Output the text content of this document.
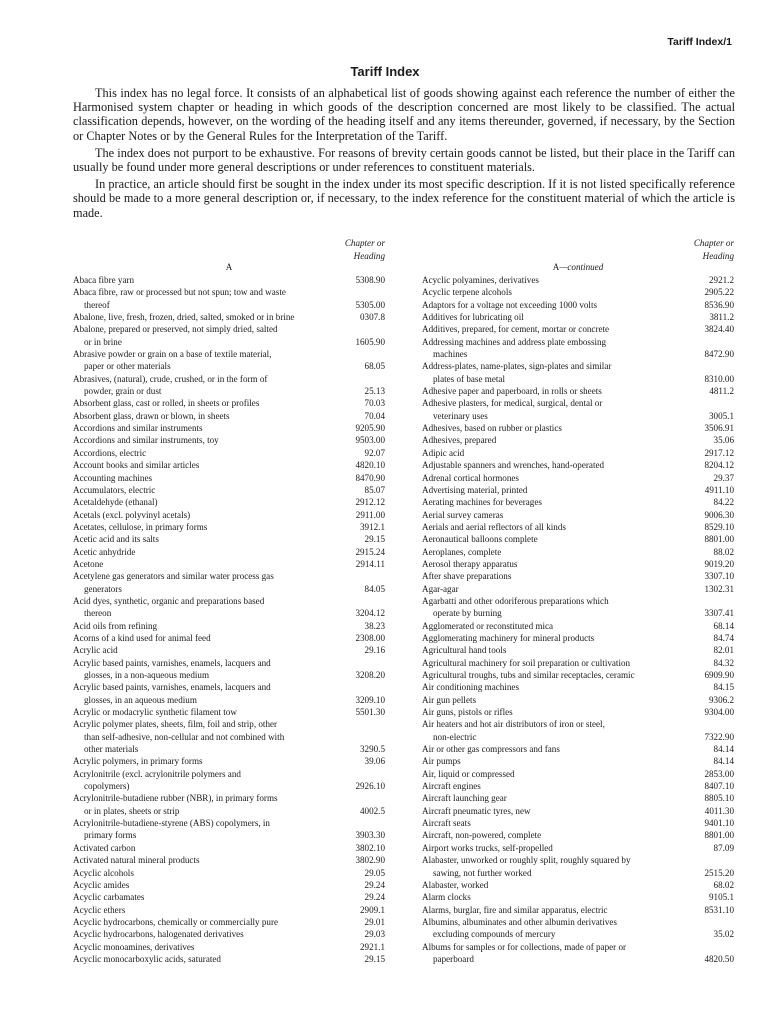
Tariff Index/1
Tariff Index

This index has no legal force. It consists of an alphabetical list of goods showing against each reference the number of either the Harmonised system chapter or heading in which goods of the description concerned are most likely to be classified. The actual classification depends, however, on the wording of the heading itself and any items thereunder, governed, if necessary, by the Section or Chapter Notes or by the General Rules for the Interpretation of the Tariff.

The index does not purport to be exhaustive. For reasons of brevity certain goods cannot be listed, but their place in the Tariff can usually be found under more general descriptions or under references to constituent materials.

In practice, an article should first be sought in the index under its most specific description. If it is not listed specifically reference should be made to a more general description or, if necessary, to the index reference for the constituent material of which the article is made.

Chapter or
Heading
A
Abaca fibre yarn	5308.90
Abaca fibre, raw or processed but not spun; tow and waste
thereof	5305.00
Abalone, live, fresh, frozen, dried, salted, smoked or in brine	0307.8
Abalone, prepared or preserved, not simply dried, salted
or in brine	1605.90
Abrasive powder or grain on a base of textile material,
paper or other materials	68.05
Abrasives, (natural), crude, crushed, or in the form of
powder, grain or dust	25.13
Absorbent glass, cast or rolled, in sheets or profiles	70.03
Absorbent glass, drawn or blown, in sheets	70.04
Accordions and similar instruments	9205.90
Accordions and similar instruments, toy	9503.00
Accordions, electric	92.07
Account books and similar articles	4820.10
Accounting machines	8470.90
Accumulators, electric	85.07
Acetaldehyde (ethanal)	2912.12
Acetals (excl. polyvinyl acetals)	2911.00
Acetates, cellulose, in primary forms	3912.1
Acetic acid and its salts	29.15
Acetic anhydride	2915.24
Acetone	2914.11
Acetylene gas generators and similar water process gas
generators	84.05
Acid dyes, synthetic, organic and preparations based
thereon	3204.12
Acid oils from refining	38.23
Acorns of a kind used for animal feed	2308.00
Acrylic acid	29.16
Acrylic based paints, varnishes, enamels, lacquers and
glosses, in a non-aqueous medium	3208.20
Acrylic based paints, varnishes, enamels, lacquers and
glosses, in an aqueous medium	3209.10
Acrylic or modacrylic synthetic filament tow	5501.30
Acrylic polymer plates, sheets, film, foil and strip, other
than self-adhesive, non-cellular and not combined with
other materials	3290.5
Acrylic polymers, in primary forms	39.06
Acrylonitrile (excl. acrylonitrile polymers and
copolymers)	2926.10
Acrylonitrile-butadiene rubber (NBR), in primary forms
or in plates, sheets or strip	4002.5
Acrylonitrile-butadiene-styrene (ABS) copolymers, in
primary forms	3903.30
Activated carbon	3802.10
Activated natural mineral products	3802.90
Acyclic alcohols	29.05
Acyclic amides	29.24
Acyclic carbamates	29.24
Acyclic ethers	2909.1
Acyclic hydrocarbons, chemically or commercially pure	29.01
Acyclic hydrocarbons, halogenated derivatives	29.03
Acyclic monoamines, derivatives	2921.1
Acyclic monocarboxylic acids, saturated	29.15
Chapter or
Heading
A—continued
Acyclic polyamines, derivatives	2921.2
Acyclic terpene alcohols	2905.22
Adaptors for a voltage not exceeding 1000 volts	8536.90
Additives for lubricating oil	3811.2
Additives, prepared, for cement, mortar or concrete	3824.40
Addressing machines and address plate embossing
machines	8472.90
Address-plates, name-plates, sign-plates and similar
plates of base metal	8310.00
Adhesive paper and paperboard, in rolls or sheets	4811.2
Adhesive plasters, for medical, surgical, dental or
veterinary uses	3005.1
Adhesives, based on rubber or plastics	3506.91
Adhesives, prepared	35.06
Adipic acid	2917.12
Adjustable spanners and wrenches, hand-operated	8204.12
Adrenal cortical hormones	29.37
Advertising material, printed	4911.10
Aerating machines for beverages	84.22
Aerial survey cameras	9006.30
Aerials and aerial reflectors of all kinds	8529.10
Aeronautical balloons complete	8801.00
Aeroplanes, complete	88.02
Aerosol therapy apparatus	9019.20
After shave preparations	3307.10
Agar-agar	1302.31
Agarbatti and other odoriferous preparations which
operate by burning	3307.41
Agglomerated or reconstituted mica	68.14
Agglomerating machinery for mineral products	84.74
Agricultural hand tools	82.01
Agricultural machinery for soil preparation or cultivation	84.32
Agricultural troughs, tubs and similar receptacles, ceramic	6909.90
Air conditioning machines	84.15
Air gun pellets	9306.2
Air guns, pistols or rifles	9304.00
Air heaters and hot air distributors of iron or steel,
non-electric	7322.90
Air or other gas compressors and fans	84.14
Air pumps	84.14
Air, liquid or compressed	2853.00
Aircraft engines	8407.10
Aircraft launching gear	8805.10
Aircraft pneumatic tyres, new	4011.30
Aircraft seats	9401.10
Aircraft, non-powered, complete	8801.00
Airport works trucks, self-propelled	87.09
Alabaster, unworked or roughly split, roughly squared by
sawing, not further worked	2515.20
Alabaster, worked	68.02
Alarm clocks	9105.1
Alarms, burglar, fire and similar apparatus, electric	8531.10
Albumins, albuminates and other albumin derivatives
excluding compounds of mercury	35.02
Albums for samples or for collections, made of paper or
paperboard	4820.50
